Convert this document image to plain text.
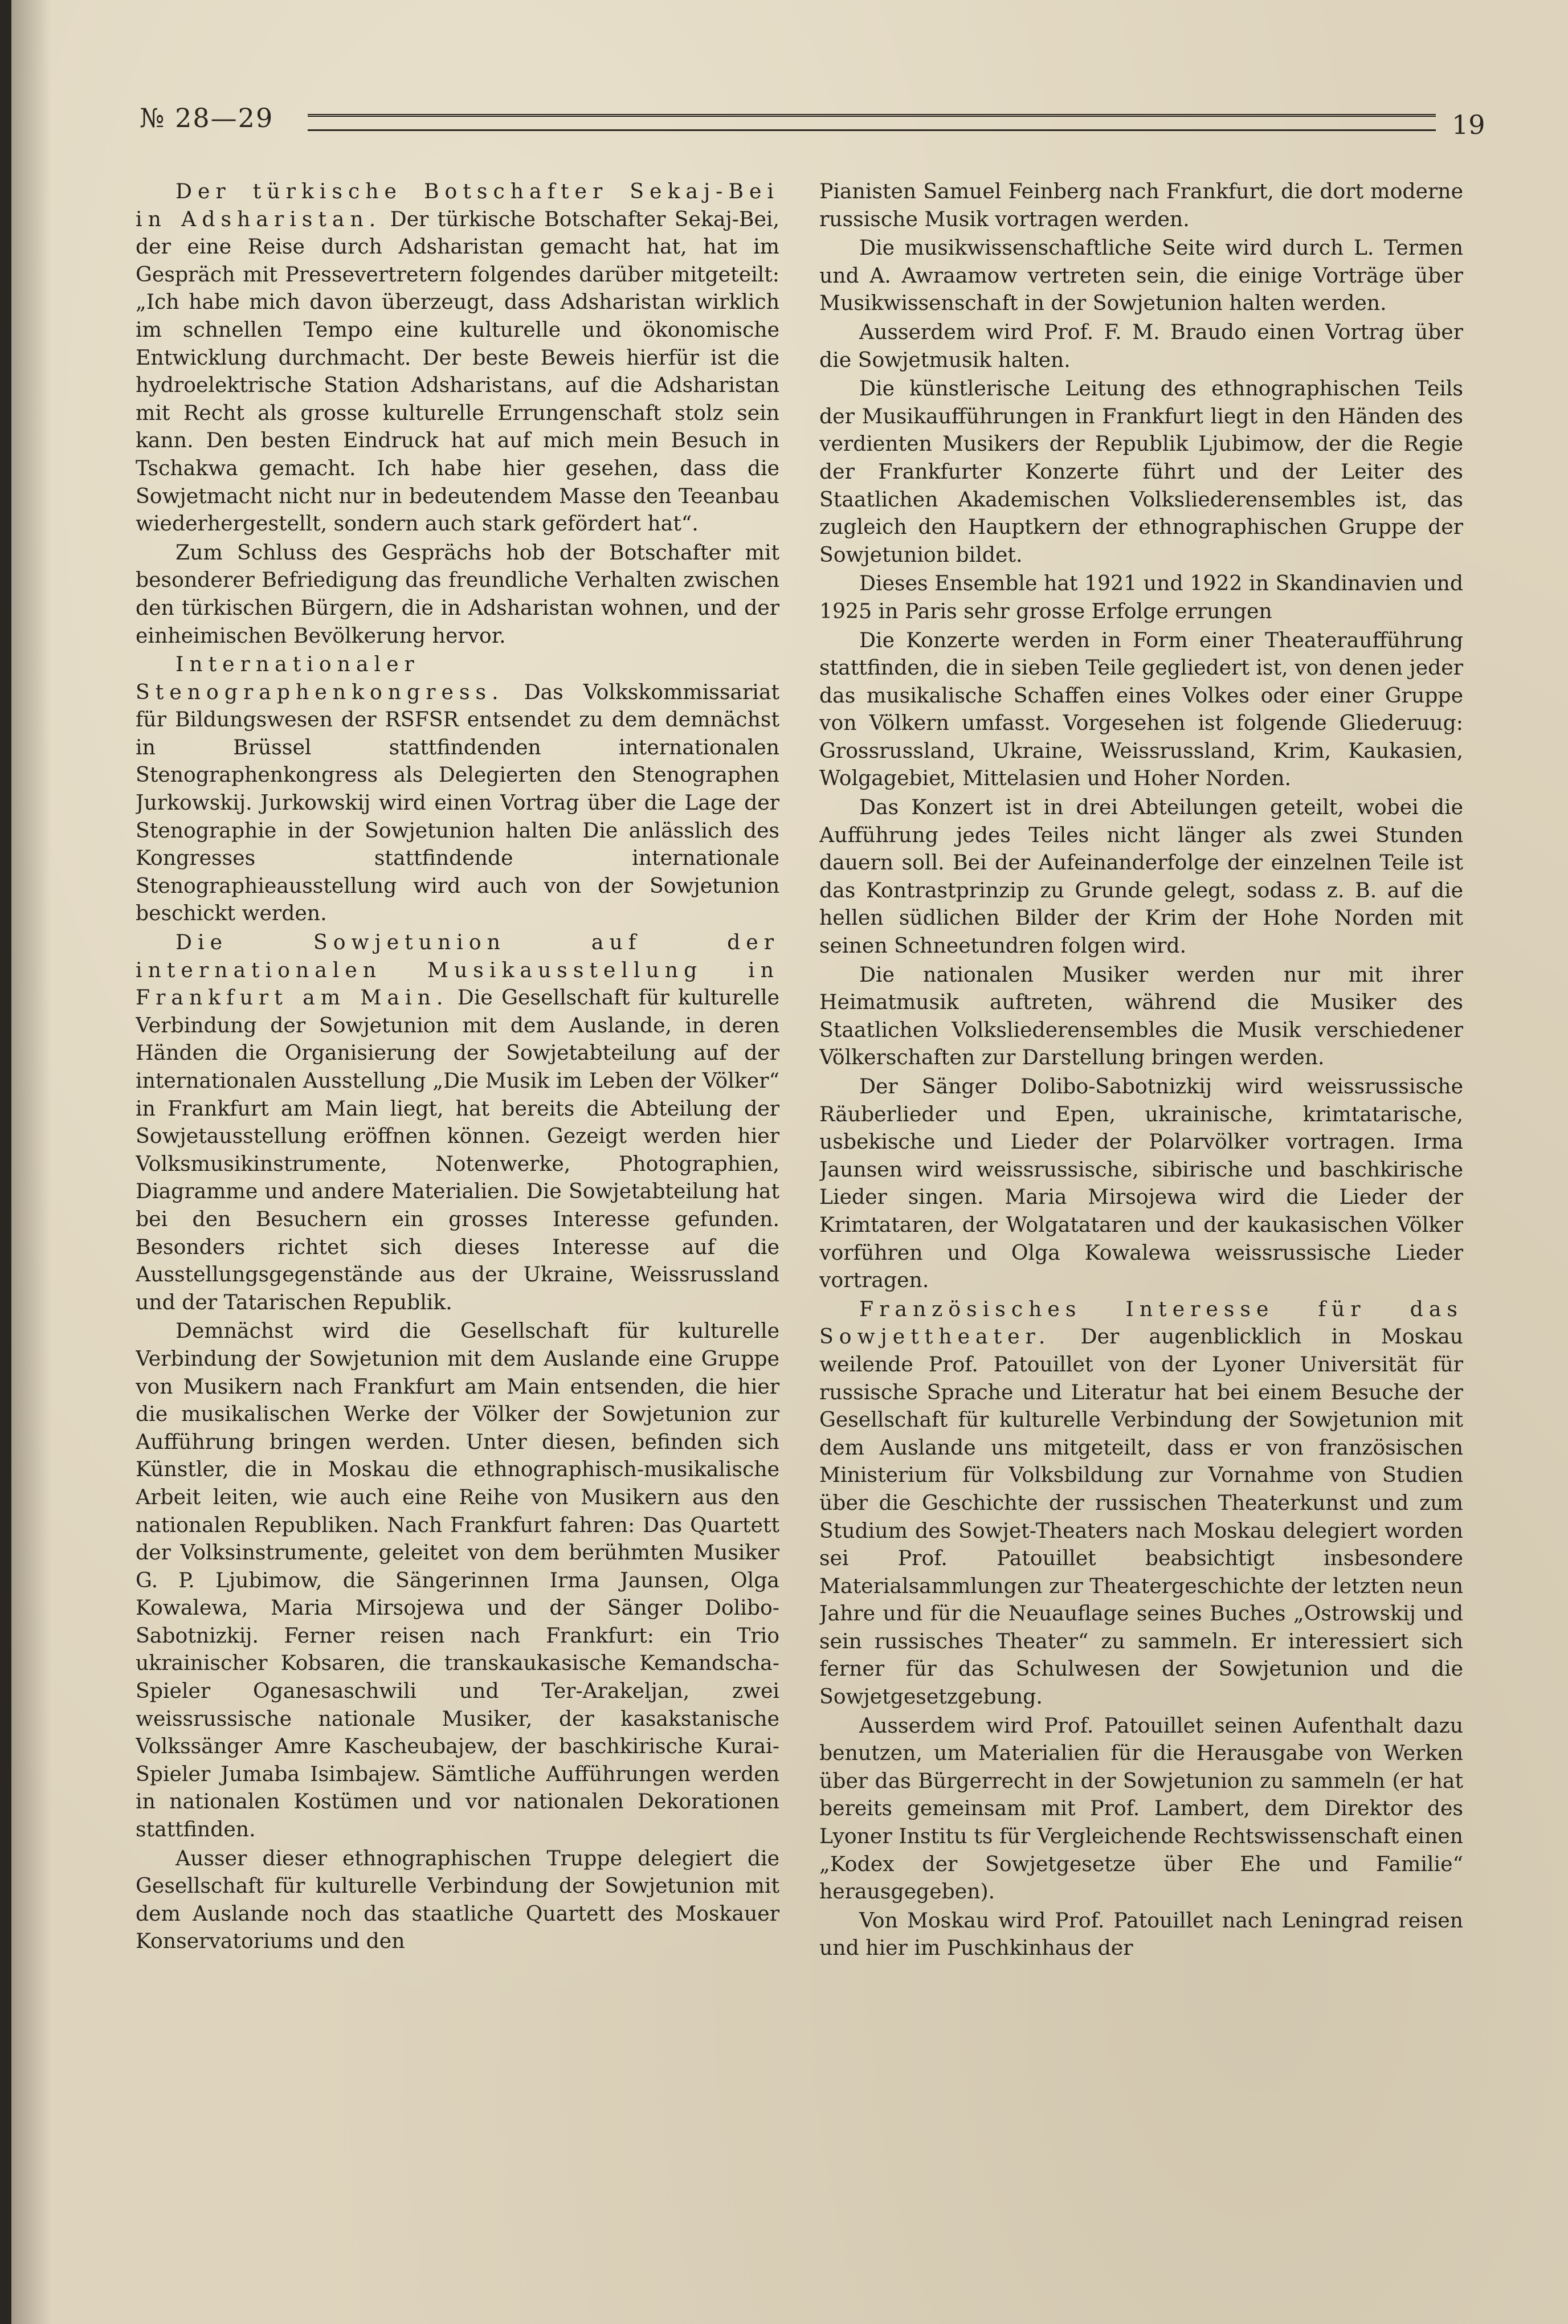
№ 28—29	19

Der türkische Botschafter Sekaj-Bei in Adsharistan. Der türkische Botschafter Sekaj-Bei, der eine Reise durch Adsharistan gemacht hat, hat im Gespräch mit Pressevertretern folgendes darüber mitgeteilt: „Ich habe mich davon überzeugt, dass Adsharistan wirklich im schnellen Tempo eine kulturelle und ökonomische Entwicklung durchmacht. Der beste Beweis hierfür ist die hydroelektrische Station Adsharistans, auf die Adsharistan mit Recht als grosse kulturelle Errungenschaft stolz sein kann. Den besten Eindruck hat auf mich mein Besuch in Tschakwa gemacht. Ich habe hier gesehen, dass die Sowjetmacht nicht nur in bedeutendem Masse den Teeanbau wiederhergestellt, sondern auch stark gefördert hat“.

Zum Schluss des Gesprächs hob der Botschafter mit besonderer Befriedigung das freundliche Verhalten zwischen den türkischen Bürgern, die in Adsharistan wohnen, und der einheimischen Bevölkerung hervor.

Internationaler Stenographenkongress. Das Volkskommissariat für Bildungswesen der RSFSR entsendet zu dem demnächst in Brüssel stattfindenden internationalen Stenographenkongress als Delegierten den Stenographen Jurkowskij. Jurkowskij wird einen Vortrag über die Lage der Stenographie in der Sowjetunion halten Die anlässlich des Kongresses stattfindende internationale Stenographieausstellung wird auch von der Sowjetunion beschickt werden.

Die Sowjetunion auf der internationalen Musikausstellung in Frankfurt am Main. Die Gesellschaft für kulturelle Verbindung der Sowjetunion mit dem Auslande, in deren Händen die Organisierung der Sowjetabteilung auf der internationalen Ausstellung „Die Musik im Leben der Völker“ in Frankfurt am Main liegt, hat bereits die Abteilung der Sowjetausstellung eröffnen können. Gezeigt werden hier Volksmusikinstrumente, Notenwerke, Photographien, Diagramme und andere Materialien. Die Sowjetabteilung hat bei den Besuchern ein grosses Interesse gefunden. Besonders richtet sich dieses Interesse auf die Ausstellungsgegenstände aus der Ukraine, Weissrussland und der Tatarischen Republik.

Demnächst wird die Gesellschaft für kulturelle Verbindung der Sowjetunion mit dem Auslande eine Gruppe von Musikern nach Frankfurt am Main entsenden, die hier die musikalischen Werke der Völker der Sowjetunion zur Aufführung bringen werden. Unter diesen, befinden sich Künstler, die in Moskau die ethnographisch-musikalische Arbeit leiten, wie auch eine Reihe von Musikern aus den nationalen Republiken. Nach Frankfurt fahren: Das Quartett der Volksinstrumente, geleitet von dem berühmten Musiker G. P. Ljubimow, die Sängerinnen Irma Jaunsen, Olga Kowalewa, Maria Mirsojewa und der Sänger Dolibo-Sabotnizkij. Ferner reisen nach Frankfurt: ein Trio ukrainischer Kobsaren, die transkaukasische Kemandscha-Spieler Oganesaschwili und Ter-Arakeljan, zwei weissrussische nationale Musiker, der kasakstanische Volkssänger Amre Kascheubajew, der baschkirische Kurai-Spieler Jumaba Isimbajew. Sämtliche Aufführungen werden in nationalen Kostümen und vor nationalen Dekorationen stattfinden.

Ausser dieser ethnographischen Truppe delegiert die Gesellschaft für kulturelle Verbindung der Sowjetunion mit dem Auslande noch das staatliche Quartett des Moskauer Konservatoriums und den

Pianisten Samuel Feinberg nach Frankfurt, die dort moderne russische Musik vortragen werden.

Die musikwissenschaftliche Seite wird durch L. Termen und A. Awraamow vertreten sein, die einige Vorträge über Musikwissenschaft in der Sowjetunion halten werden.

Ausserdem wird Prof. F. M. Braudo einen Vortrag über die Sowjetmusik halten.

Die künstlerische Leitung des ethnographischen Teils der Musikaufführungen in Frankfurt liegt in den Händen des verdienten Musikers der Republik Ljubimow, der die Regie der Frankfurter Konzerte führt und der Leiter des Staatlichen Akademischen Volksliederensembles ist, das zugleich den Hauptkern der ethnographischen Gruppe der Sowjetunion bildet.

Dieses Ensemble hat 1921 und 1922 in Skandinavien und 1925 in Paris sehr grosse Erfolge errungen

Die Konzerte werden in Form einer Theateraufführung stattfinden, die in sieben Teile gegliedert ist, von denen jeder das musikalische Schaffen eines Volkes oder einer Gruppe von Völkern umfasst. Vorgesehen ist folgende Gliederuug: Grossrussland, Ukraine, Weissrussland, Krim, Kaukasien, Wolgagebiet, Mittelasien und Hoher Norden.

Das Konzert ist in drei Abteilungen geteilt, wobei die Aufführung jedes Teiles nicht länger als zwei Stunden dauern soll. Bei der Aufeinanderfolge der einzelnen Teile ist das Kontrastprinzip zu Grunde gelegt, sodass z. B. auf die hellen südlichen Bilder der Krim der Hohe Norden mit seinen Schneetundren folgen wird.

Die nationalen Musiker werden nur mit ihrer Heimatmusik auftreten, während die Musiker des Staatlichen Volksliederensembles die Musik verschiedener Völkerschaften zur Darstellung bringen werden.

Der Sänger Dolibo-Sabotnizkij wird weissrussische Räuberlieder und Epen, ukrainische, krimtatarische, usbekische und Lieder der Polarvölker vortragen. Irma Jaunsen wird weissrussische, sibirische und baschkirische Lieder singen. Maria Mirsojewa wird die Lieder der Krimtataren, der Wolgatataren und der kaukasischen Völker vorführen und Olga Kowalewa weissrussische Lieder vortragen.

Französisches Interesse für das Sowjettheater. Der augenblicklich in Moskau weilende Prof. Patouillet von der Lyoner Universität für russische Sprache und Literatur hat bei einem Besuche der Gesellschaft für kulturelle Verbindung der Sowjetunion mit dem Auslande uns mitgeteilt, dass er von französischen Ministerium für Volksbildung zur Vornahme von Studien über die Geschichte der russischen Theaterkunst und zum Studium des Sowjet-Theaters nach Moskau delegiert worden sei Prof. Patouillet beabsichtigt insbesondere Materialsammlungen zur Theatergeschichte der letzten neun Jahre und für die Neuauflage seines Buches „Ostrowskij und sein russisches Theater“ zu sammeln. Er interessiert sich ferner für das Schulwesen der Sowjetunion und die Sowjetgesetzgebung.

Ausserdem wird Prof. Patouillet seinen Aufenthalt dazu benutzen, um Materialien für die Herausgabe von Werken über das Bürgerrecht in der Sowjetunion zu sammeln (er hat bereits gemeinsam mit Prof. Lambert, dem Direktor des Lyoner Institu ts für Vergleichende Rechtswissenschaft einen „Kodex der Sowjetgesetze über Ehe und Familie“ herausgegeben).

Von Moskau wird Prof. Patouillet nach Leningrad reisen und hier im Puschkinhaus der
